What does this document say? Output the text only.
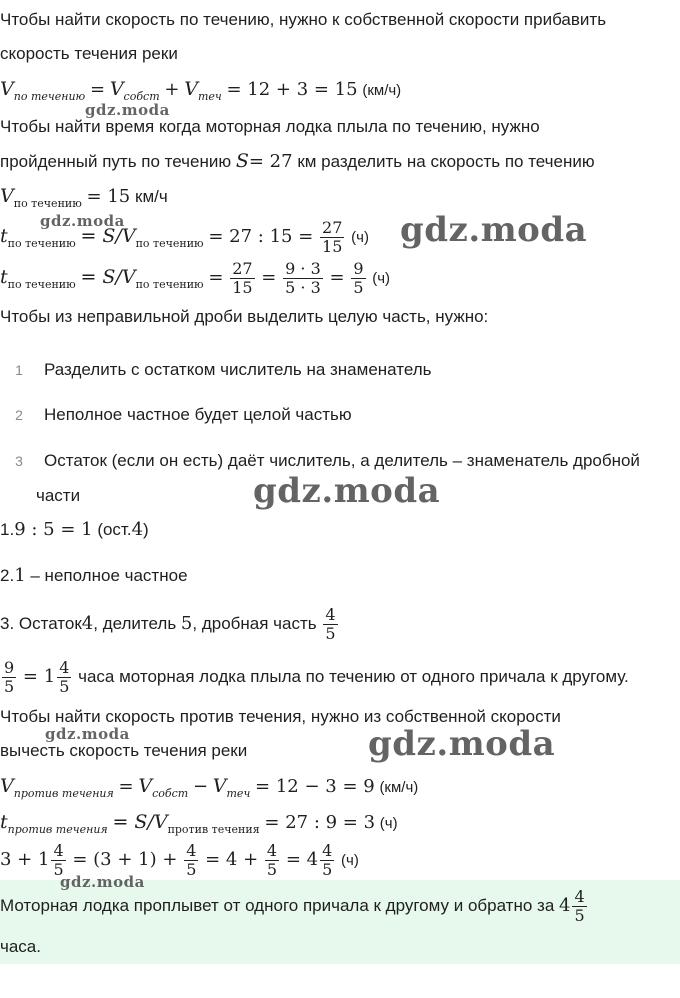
Чтобы найти скорость по течению, нужно к собственной скорости прибавить
скорость течения реки
$V_{по течению} = V_{собст} + V_{теч} = 12 + 3 = 15$ (км/ч)
Чтобы найти время когда моторная лодка плыла по течению, нужно
пройденный путь по течению S= 27 км разделить на скорость по течению
$V_{по течению} = 15$ км/ч
$t_{по течению} = S/V_{по течению} = 27$ : $15 = \frac{27}{15} (ч)$
$t_{по течению} = S/V_{по течению} = \frac{27}{15} = \frac{9 \cdot 3}{5 \cdot 3} = \frac{9}{5} (ч)$
Чтобы из неправильной дроби выделить целую часть, нужно:
1 Разделить с остатком числитель на знаменатель
2 Неполное частное будет целой частью
3 Остаток (если он есть) даёт числитель, а делитель – знаменатель дробной
части
1.9 : 5 = 1 (ост.4)
2.1 – неполное частное
3. Остаток4, делитель 5, дробная часть $\frac{4}{5}$
$\frac{9}{5} = 1 \frac{4}{5}$ часа моторная лодка плыла по течению от одного причала к другому.
Чтобы найти скорость против течения, нужно из собственной скорости
вычесть скорость течения реки
$V_{против течения} = V_{собст} - V_{теч} = 12 - 3 = 9$ (км/ч)
$t_{против течения} = S/V_{против течения} = 27$ : 9 = 3 (ч)
$3 + 1 \frac{4}{5} = (3 + 1) + \frac{4}{5} = 4 + \frac{4}{5} = 4 \frac{4}{5} (ч)$
Моторная лодка проплывет от одного причала к другому и обратно за $4 \frac{4}{5}$
часа.
gdz.moda
gdz.moda	gdz.moda
gdz.moda
gdz.moda	gdz.moda
gdz.moda
